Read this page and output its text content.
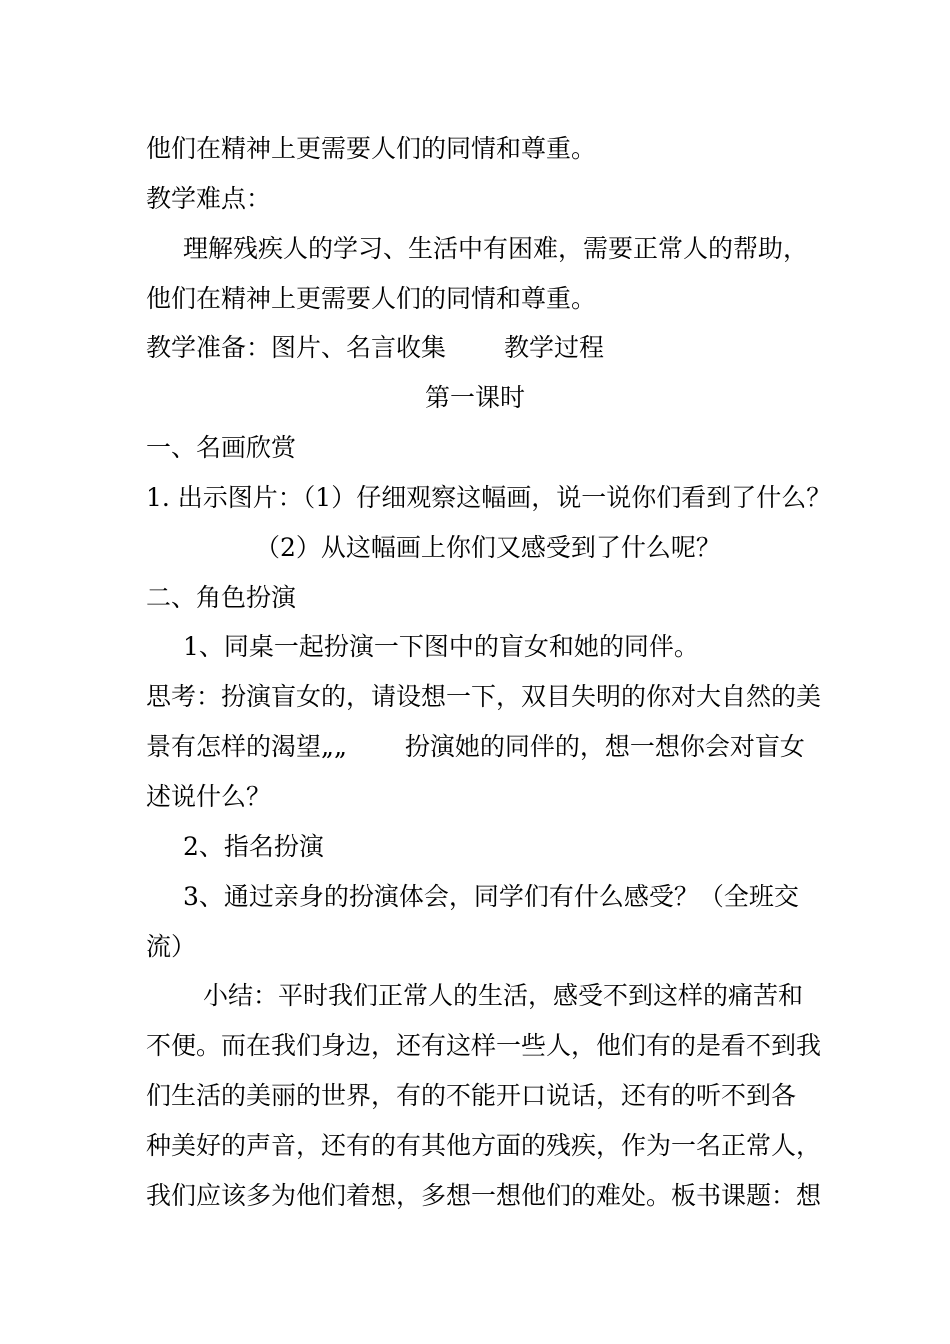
他们在精神上更需要人们的同情和尊重。
教学难点：
理解残疾人的学习、生活中有困难，需要正常人的帮助，
他们在精神上更需要人们的同情和尊重。
教学准备：图片、名言收集　　 教学过程
第一课时
一、名画欣赏
1. 出示图片：（1）仔细观察这幅画，说一说你们看到了什么？
（2）从这幅画上你们又感受到了什么呢？
二、角色扮演
1、同桌一起扮演一下图中的盲女和她的同伴。
思考：扮演盲女的，请设想一下，双目失明的你对大自然的美
景有怎样的渴望„„　　 扮演她的同伴的，想一想你会对盲女
述说什么？
2、指名扮演
3、通过亲身的扮演体会，同学们有什么感受？（全班交
流）
小结：平时我们正常人的生活，感受不到这样的痛苦和
不便。而在我们身边，还有这样一些人，他们有的是看不到我
们生活的美丽的世界，有的不能开口说话，还有的听不到各
种美好的声音，还有的有其他方面的残疾，作为一名正常人，
我们应该多为他们着想，多想一想他们的难处。板书课题：想
